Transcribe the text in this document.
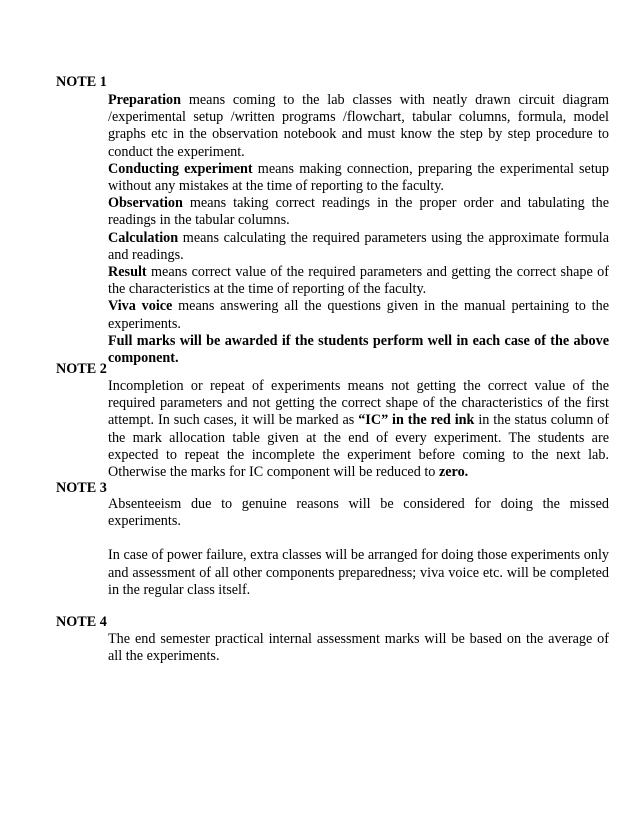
NOTE 1

Preparation means coming to the lab classes with neatly drawn circuit diagram /experimental setup /written programs /flowchart, tabular columns, formula, model graphs etc in the observation notebook and must know the step by step procedure to conduct the experiment.

Conducting experiment means making connection, preparing the experimental setup without any mistakes at the time of reporting to the faculty.

Observation means taking correct readings in the proper order and tabulating the readings in the tabular columns.

Calculation means calculating the required parameters using the approximate formula and readings.

Result means correct value of the required parameters and getting the correct shape of the characteristics at the time of reporting of the faculty.

Viva voice means answering all the questions given in the manual pertaining to the experiments.

Full marks will be awarded if the students perform well in each case of the above component.

NOTE 2

Incompletion or repeat of experiments means not getting the correct value of the required parameters and not getting the correct shape of the characteristics of the first attempt. In such cases, it will be marked as “IC” in the red ink in the status column of the mark allocation table given at the end of every experiment. The students are expected to repeat the incomplete the experiment before coming to the next lab. Otherwise the marks for IC component will be reduced to zero.

NOTE 3

Absenteeism due to genuine reasons will be considered for doing the missed experiments.

In case of power failure, extra classes will be arranged for doing those experiments only and assessment of all other components preparedness; viva voice etc. will be completed in the regular class itself.

NOTE 4

The end semester practical internal assessment marks will be based on the average of all the experiments.
